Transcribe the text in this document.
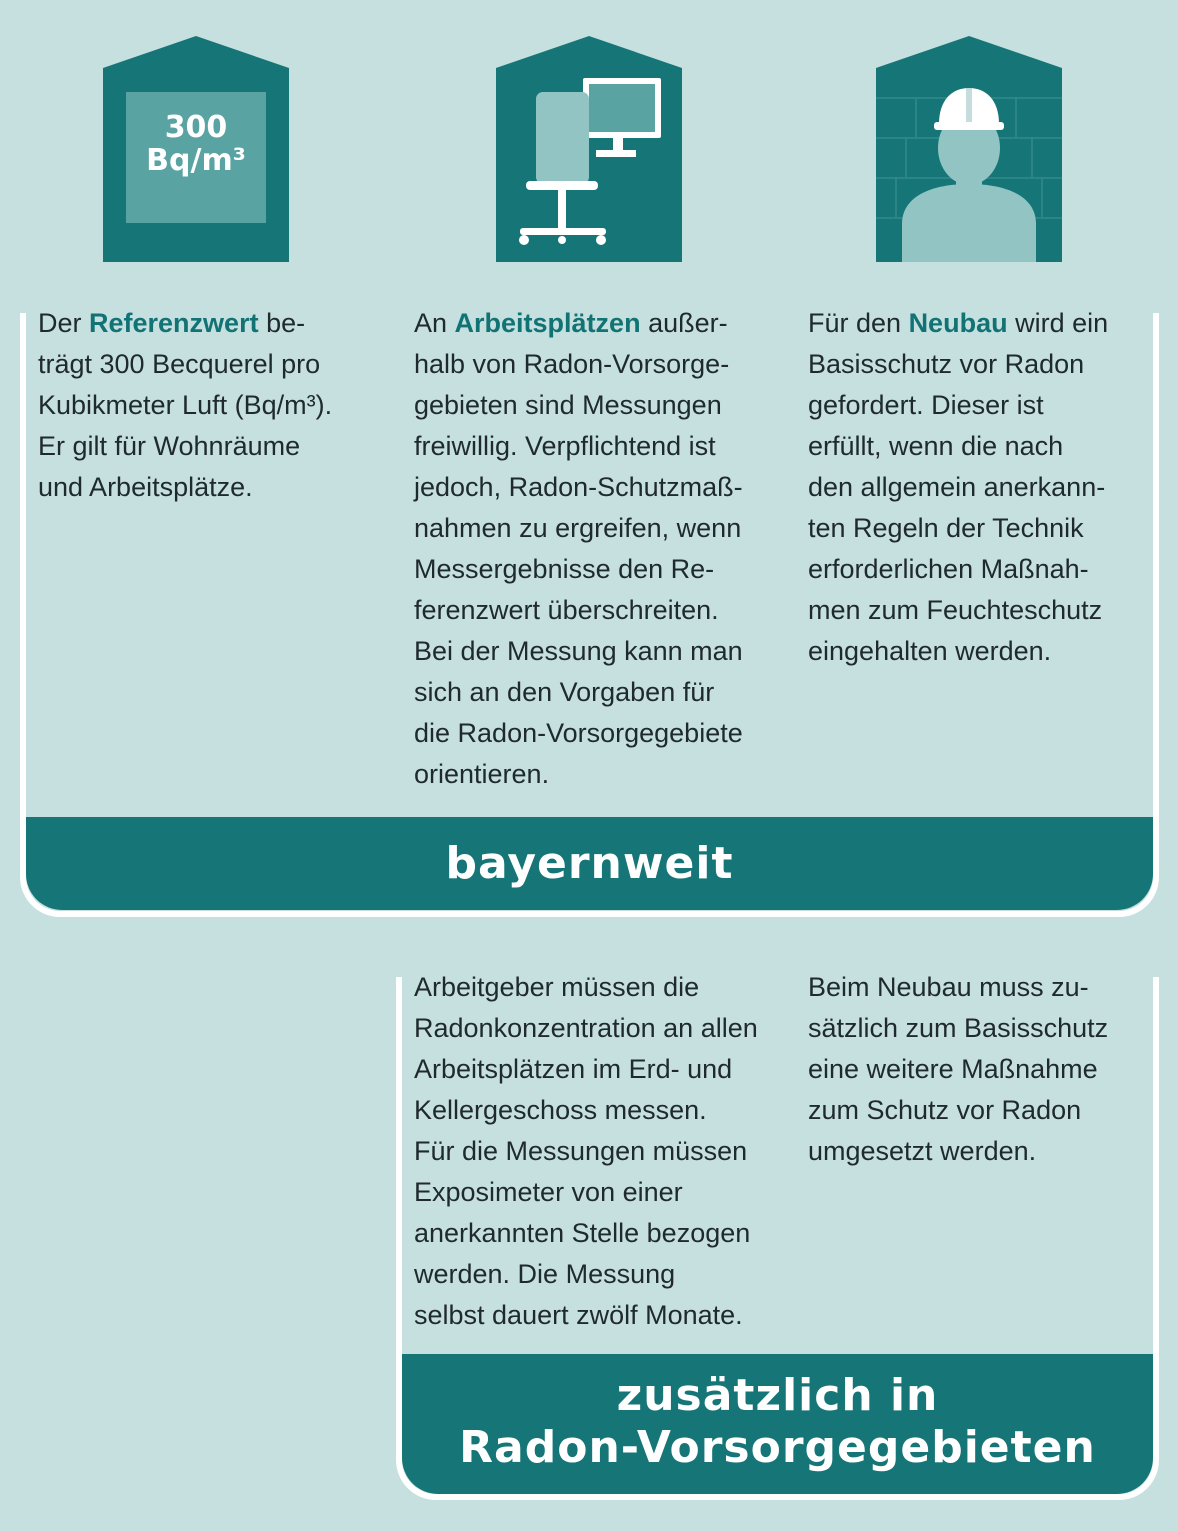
300
Bq/m³

Der Referenzwert be-
trägt 300 Becquerel pro
Kubikmeter Luft (Bq/m³).
Er gilt für Wohnräume
und Arbeitsplätze.

An Arbeitsplätzen außer-
halb von Radon-Vorsorge-
gebieten sind Messungen
freiwillig. Verpflichtend ist
jedoch, Radon-Schutzmaß-
nahmen zu ergreifen, wenn
Messergebnisse den Re-
ferenzwert überschreiten.
Bei der Messung kann man
sich an den Vorgaben für
die Radon-Vorsorgegebiete
orientieren.

Für den Neubau wird ein
Basisschutz vor Radon
gefordert. Dieser ist
erfüllt, wenn die nach
den allgemein anerkann-
ten Regeln der Technik
erforderlichen Maßnah-
men zum Feuchteschutz
eingehalten werden.

bayernweit

Arbeitgeber müssen die
Radonkonzentration an allen
Arbeitsplätzen im Erd- und
Kellergeschoss messen.
Für die Messungen müssen
Exposimeter von einer
anerkannten Stelle bezogen
werden. Die Messung
selbst dauert zwölf Monate.

Beim Neubau muss zu-
sätzlich zum Basisschutz
eine weitere Maßnahme
zum Schutz vor Radon
umgesetzt werden.

zusätzlich in
Radon-Vorsorgegebieten
